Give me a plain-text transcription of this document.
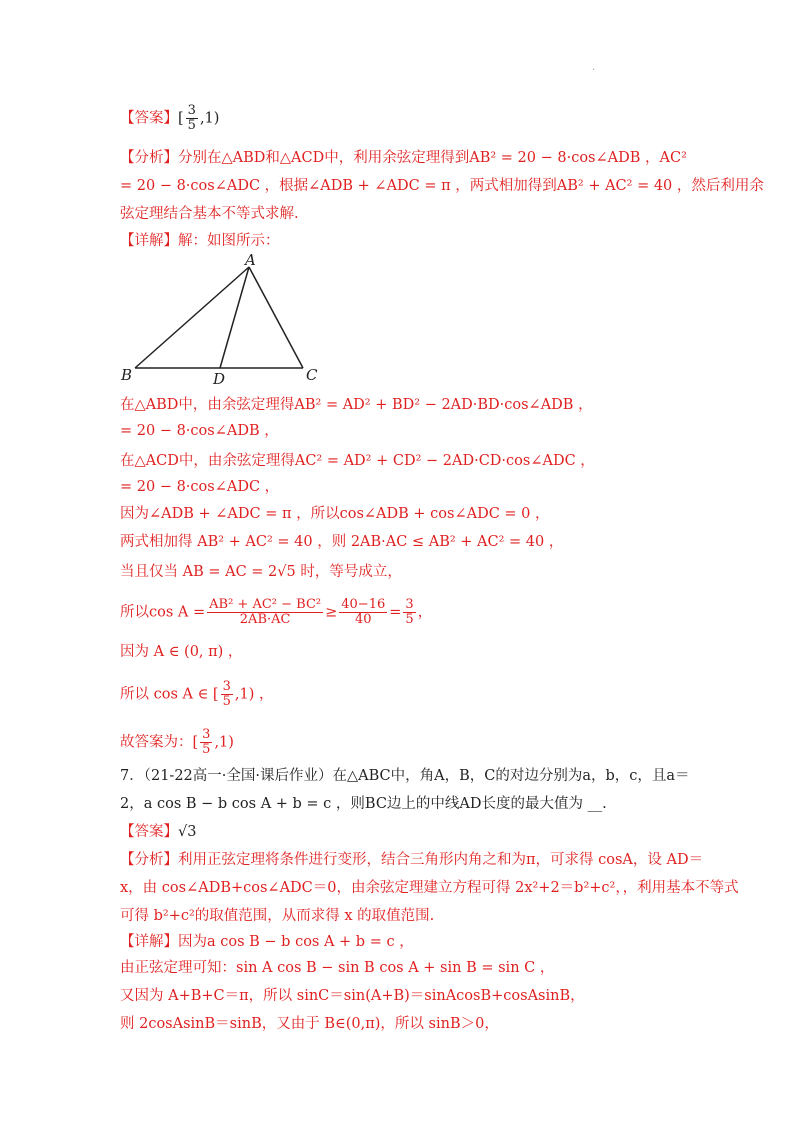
.
【答案】[ $\frac{3}{5} ,1$)
【分析】分别在△ABD和△ACD中，利用余弦定理得到AB² = 20 − 8·cos∠ADB ，AC²
= 20 − 8·cos∠ADC ，根据∠ADB + ∠ADC = π ，两式相加得到AB² + AC² = 40 ，然后利用余
弦定理结合基本不等式求解.
【详解】解：如图所示：
A
B	C
D
在△ABD中，由余弦定理得AB² = AD² + BD² − 2AD·BD·cos∠ADB ，
= 20 − 8·cos∠ADB ，
在△ACD中，由余弦定理得AC² = AD² + CD² − 2AD·CD·cos∠ADC ，
= 20 − 8·cos∠ADC ，
因为∠ADB + ∠ADC = π ，所以cos∠ADB + cos∠ADC = 0 ，
两式相加得 AB² + AC² = 40 ，则 2AB·AC ≤ AB² + AC² = 40 ，
当且仅当 AB = AC = 2√5 时，等号成立，
所以$\cos A = \frac{\text{AB² + AC² − BC²}}{2AB\cdot AC} \ge \frac{40-16}{40} = \frac{3}{5}$ ，
因为 A ∈ (0, π) ，
所以 cos A ∈ [ $\frac{3}{5} ,1$) ，
故答案为：[ $\frac{3}{5} ,1$)
7．（21-22高一·全国·课后作业）在△ABC中，角A，B，C的对边分别为a，b，c，且a＝
2，a cos B − b cos A + b = c ，则BC边上的中线AD长度的最大值为 __.
【答案】√3
【分析】利用正弦定理将条件进行变形，结合三角形内角之和为π，可求得 cosA，设 AD＝
x，由 cos∠ADB+cos∠ADC＝0，由余弦定理建立方程可得 2x²+2＝b²+c²，，利用基本不等式
可得 b²+c²的取值范围，从而求得 x 的取值范围.
【详解】因为a cos B − b cos A + b = c ，
由正弦定理可知：sin A cos B − sin B cos A + sin B = sin C ，
又因为 A+B+C＝π，所以 sinC＝sin(A+B)＝sinAcosB+cosAsinB，
则 2cosAsinB＝sinB，又由于 B∈(0,π)，所以 sinB＞0，
